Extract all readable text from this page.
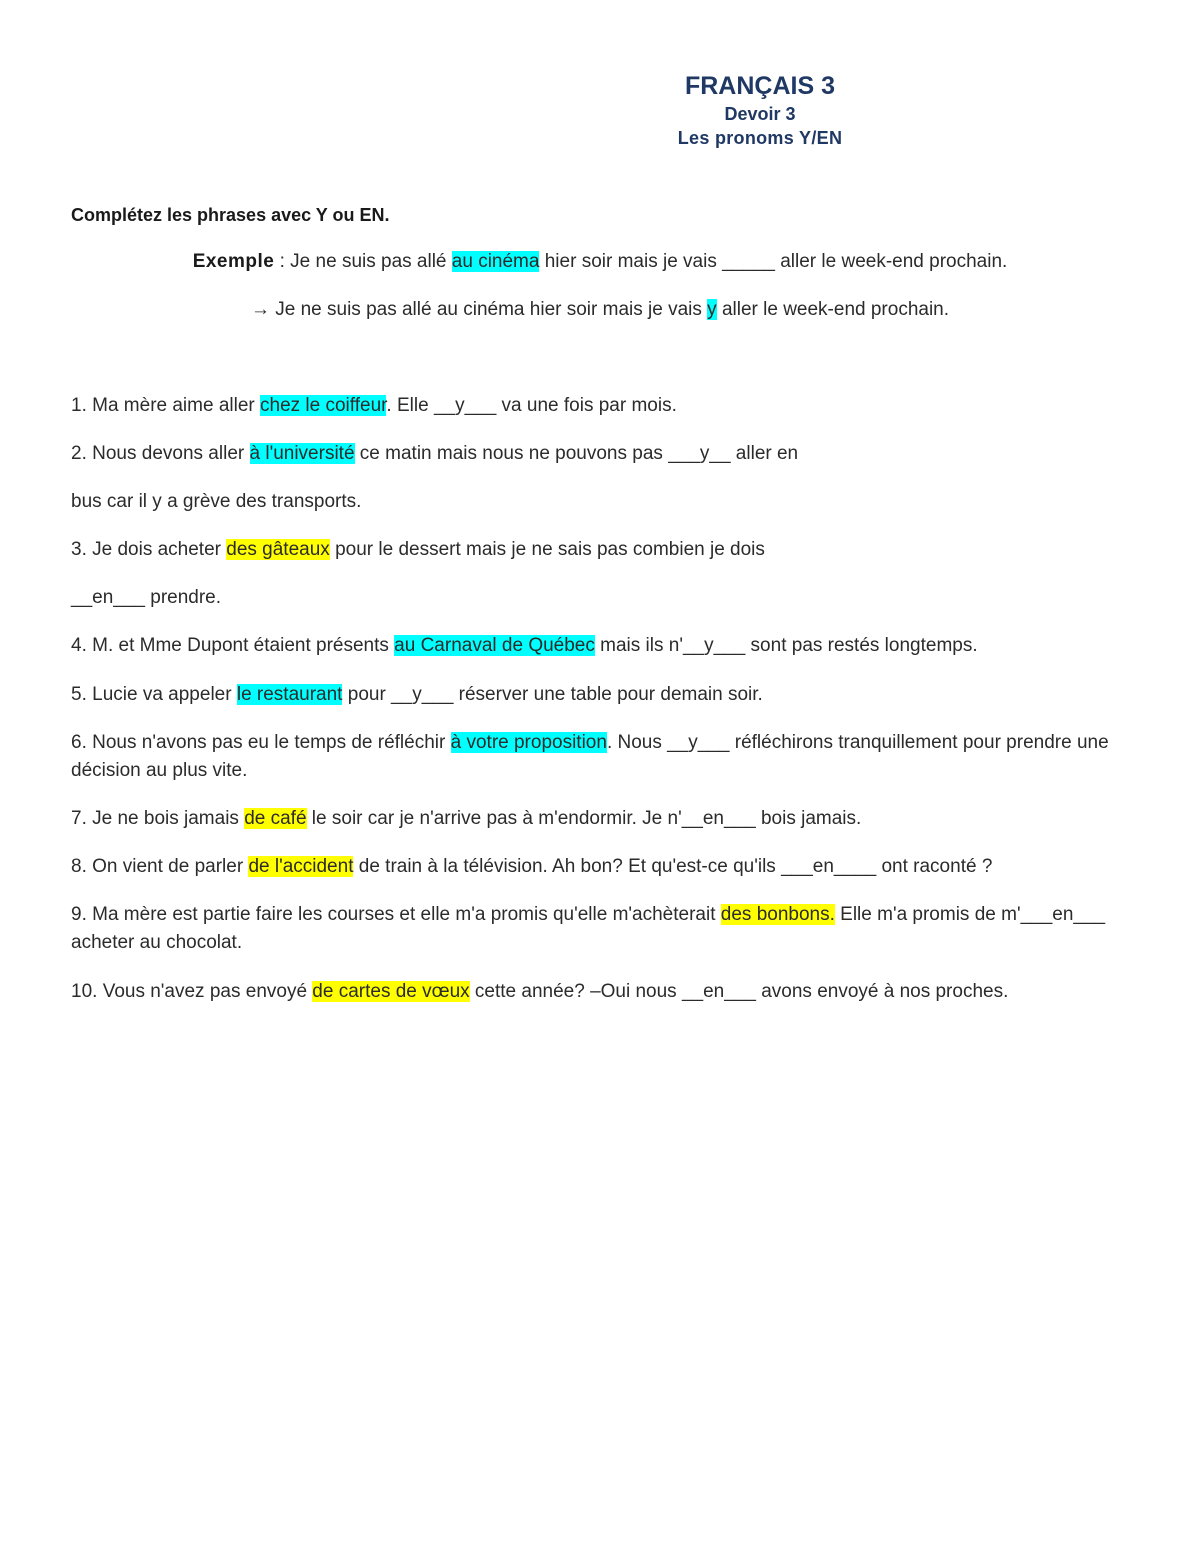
FRANÇAIS 3
Devoir 3
Les pronoms Y/EN
Complétez les phrases avec Y ou EN.
Exemple : Je ne suis pas allé au cinéma hier soir mais je vais _____ aller le week-end prochain.
→ Je ne suis pas allé au cinéma hier soir mais je vais y aller le week-end prochain.
1. Ma mère aime aller chez le coiffeur. Elle __y___ va une fois par mois.
2. Nous devons aller à l'université ce matin mais nous ne pouvons pas ___y__ aller en
bus car il y a grève des transports.
3. Je dois acheter des gâteaux pour le dessert mais je ne sais pas combien je dois
__en___ prendre.
4. M. et Mme Dupont étaient présents au Carnaval de Québec mais ils n'__y___ sont pas restés longtemps.
5. Lucie va appeler le restaurant pour __y___ réserver une table pour demain soir.
6. Nous n'avons pas eu le temps de réfléchir à votre proposition. Nous __y___ réfléchirons tranquillement pour prendre une décision au plus vite.
7. Je ne bois jamais de café le soir car je n'arrive pas à m'endormir. Je n'__en___ bois jamais.
8. On vient de parler de l'accident de train à la télévision. Ah bon? Et qu'est-ce qu'ils ___en____ ont raconté ?
9. Ma mère est partie faire les courses et elle m'a promis qu'elle m'achèterait des bonbons. Elle m'a promis de m'___en___ acheter au chocolat.
10. Vous n'avez pas envoyé de cartes de vœux cette année? –Oui nous __en___ avons envoyé à nos proches.
